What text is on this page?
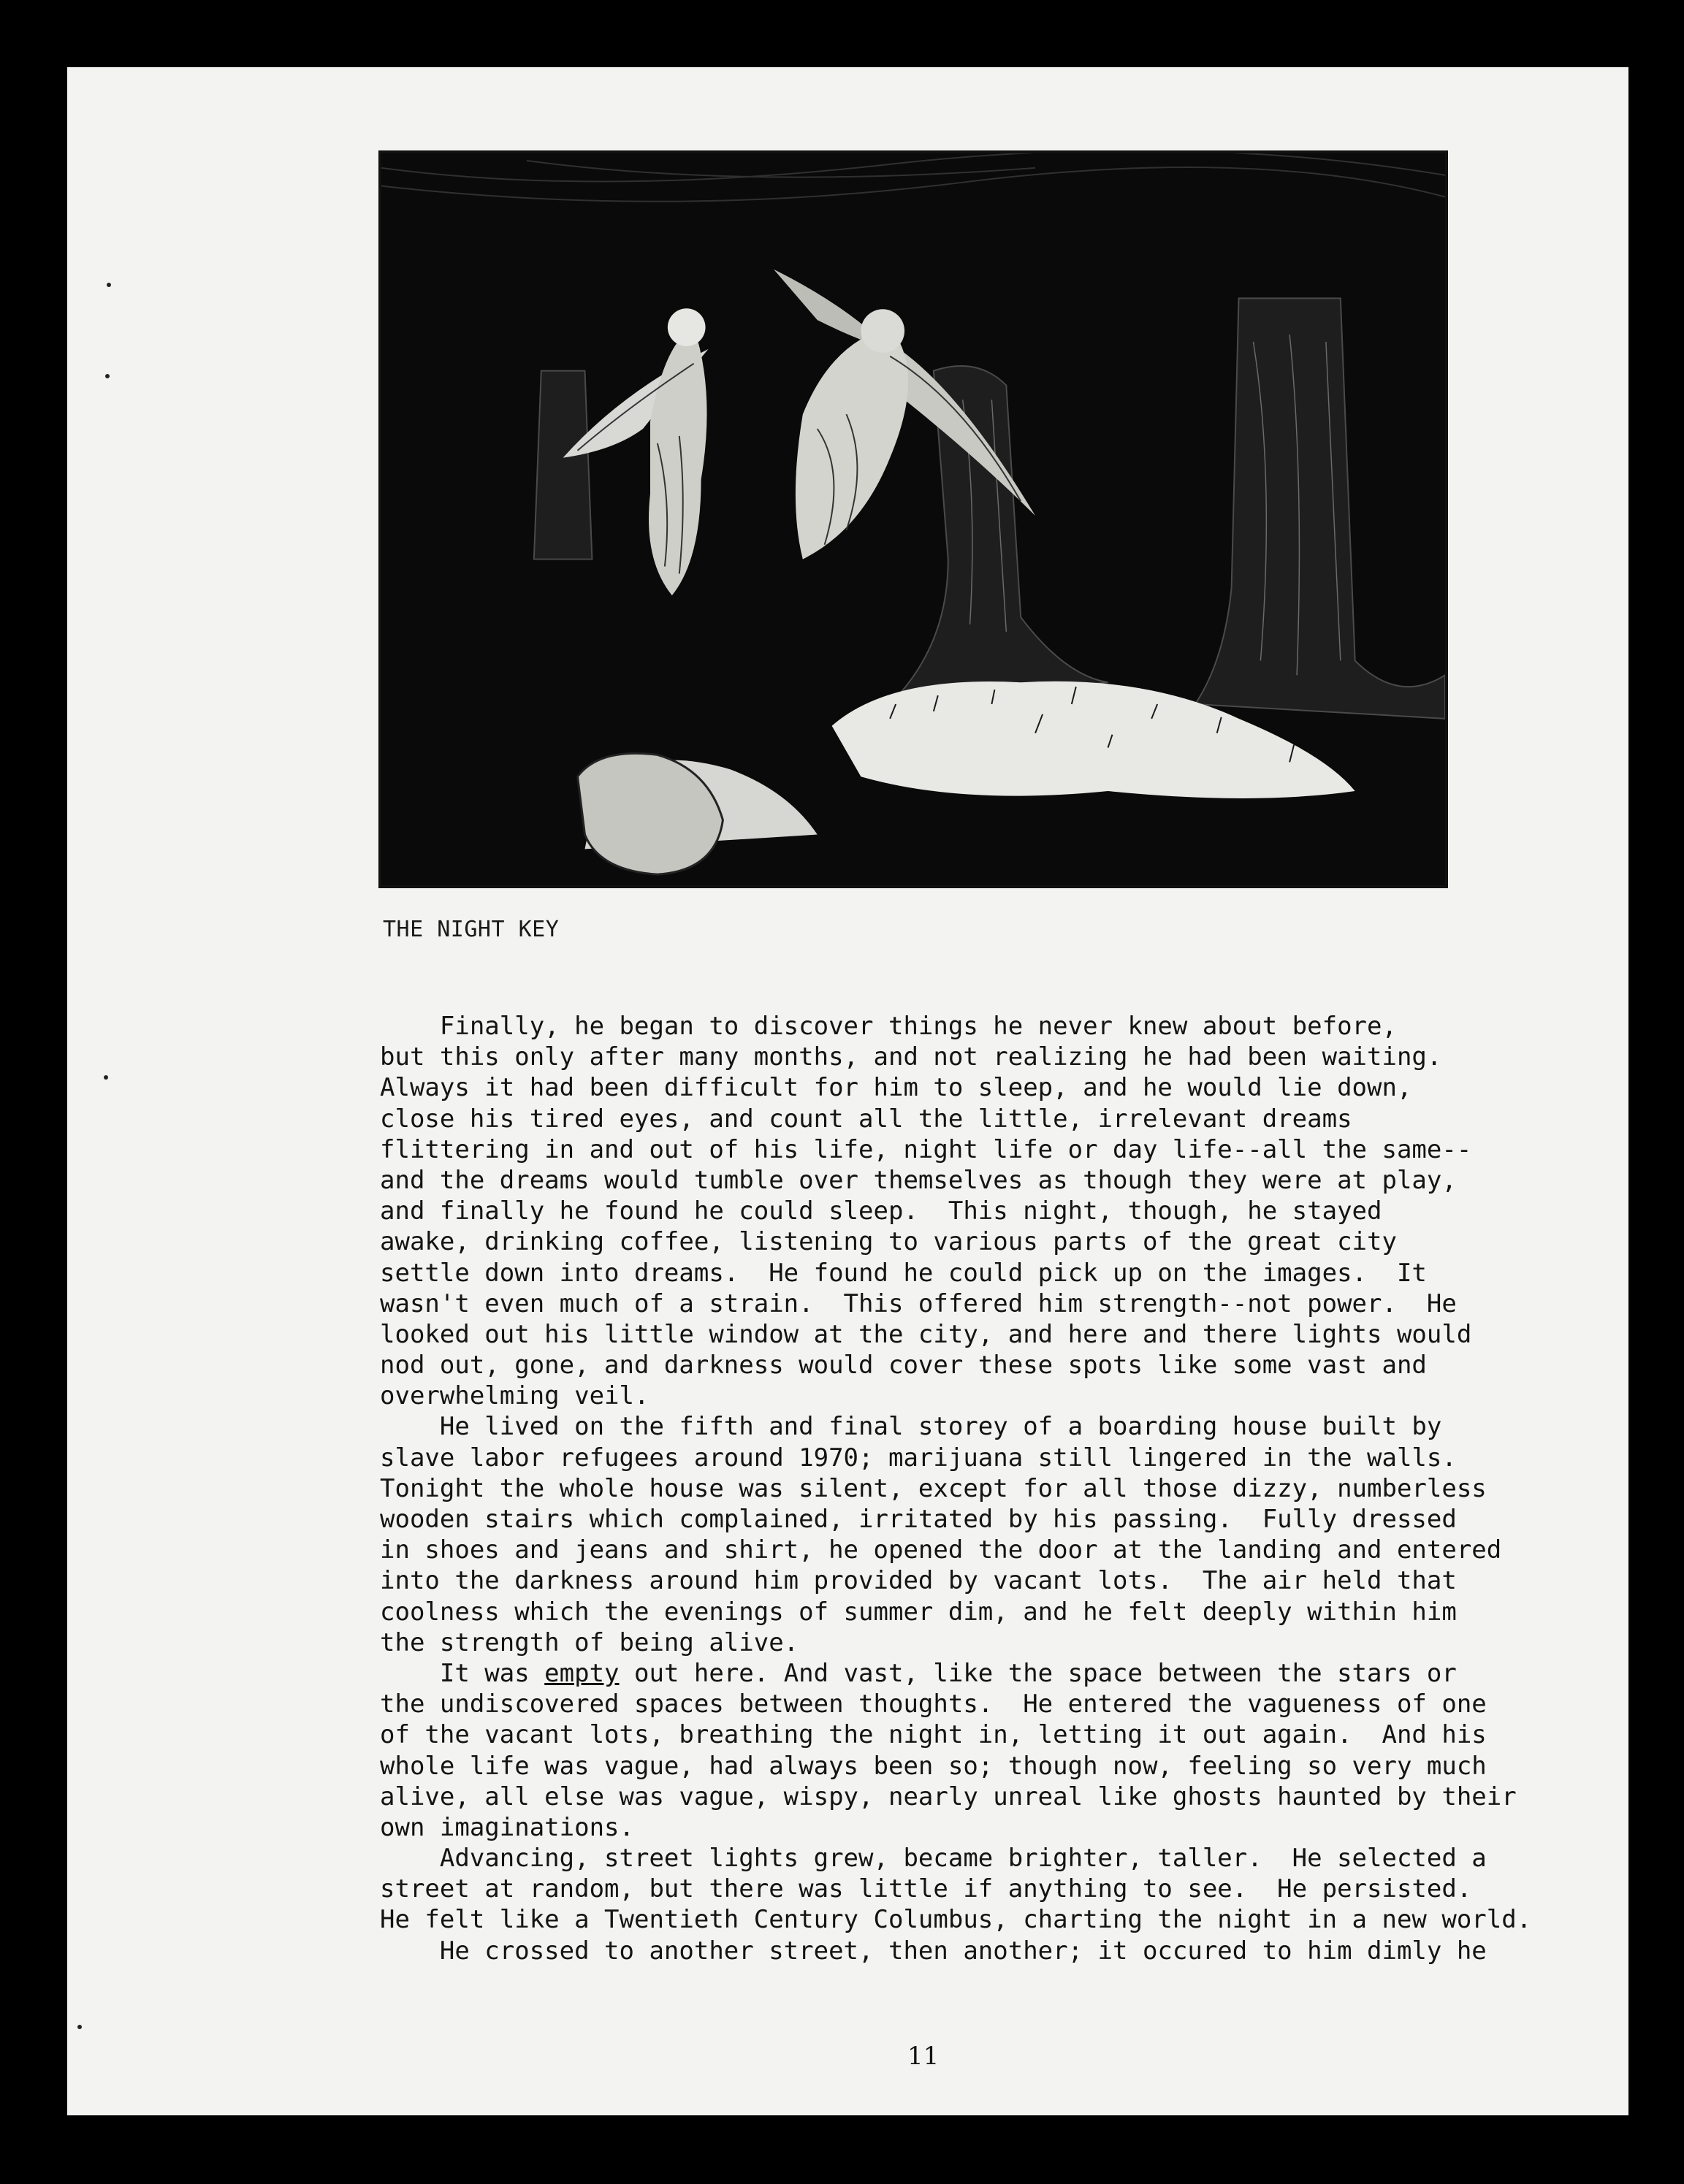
THE NIGHT KEY
Finally, he began to discover things he never knew about before,
but this only after many months, and not realizing he had been waiting.
Always it had been difficult for him to sleep, and he would lie down,
close his tired eyes, and count all the little, irrelevant dreams
flittering in and out of his life, night life or day life--all the same--
and the dreams would tumble over themselves as though they were at play,
and finally he found he could sleep.  This night, though, he stayed
awake, drinking coffee, listening to various parts of the great city
settle down into dreams.  He found he could pick up on the images.  It
wasn't even much of a strain.  This offered him strength--not power.  He
looked out his little window at the city, and here and there lights would
nod out, gone, and darkness would cover these spots like some vast and
overwhelming veil.
He lived on the fifth and final storey of a boarding house built by
slave labor refugees around 1970; marijuana still lingered in the walls.
Tonight the whole house was silent, except for all those dizzy, numberless
wooden stairs which complained, irritated by his passing.  Fully dressed
in shoes and jeans and shirt, he opened the door at the landing and entered
into the darkness around him provided by vacant lots.  The air held that
coolness which the evenings of summer dim, and he felt deeply within him
the strength of being alive.
It was empty out here. And vast, like the space between the stars or
the undiscovered spaces between thoughts.  He entered the vagueness of one
of the vacant lots, breathing the night in, letting it out again.  And his
whole life was vague, had always been so; though now, feeling so very much
alive, all else was vague, wispy, nearly unreal like ghosts haunted by their
own imaginations.
Advancing, street lights grew, became brighter, taller.  He selected a
street at random, but there was little if anything to see.  He persisted.
He felt like a Twentieth Century Columbus, charting the night in a new world.
He crossed to another street, then another; it occured to him dimly he
11
